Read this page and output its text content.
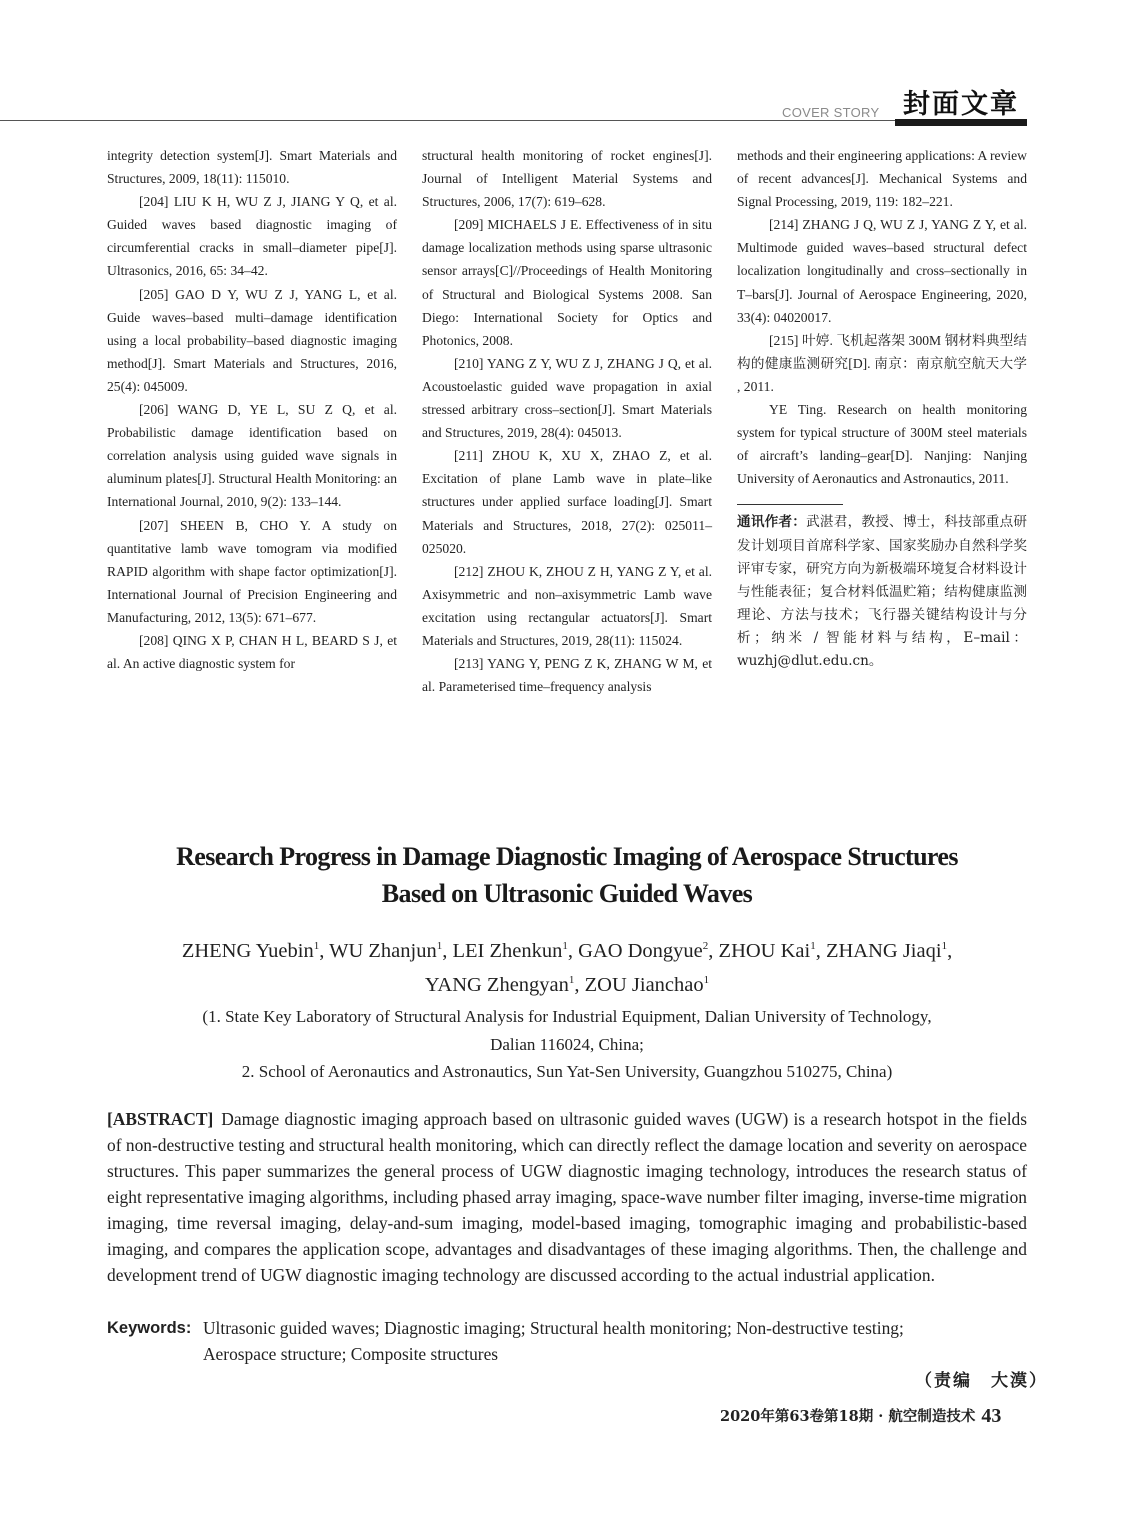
COVER STORY 封面文章

integrity detection system[J]. Smart Materials and Structures, 2009, 18(11): 115010.

[204] LIU K H, WU Z J, JIANG Y Q, et al. Guided waves based diagnostic imaging of circumferential cracks in small–diameter pipe[J]. Ultrasonics, 2016, 65: 34–42.

[205] GAO D Y, WU Z J, YANG L, et al. Guide waves–based multi–damage identification using a local probability–based diagnostic imaging method[J]. Smart Materials and Structures, 2016, 25(4): 045009.

[206] WANG D, YE L, SU Z Q, et al. Probabilistic damage identification based on correlation analysis using guided wave signals in aluminum plates[J]. Structural Health Monitoring: an International Journal, 2010, 9(2): 133–144.

[207] SHEEN B, CHO Y. A study on quantitative lamb wave tomogram via modified RAPID algorithm with shape factor optimization[J]. International Journal of Precision Engineering and Manufacturing, 2012, 13(5): 671–677.

[208] QING X P, CHAN H L, BEARD S J, et al. An active diagnostic system for

structural health monitoring of rocket engines[J]. Journal of Intelligent Material Systems and Structures, 2006, 17(7): 619–628.

[209] MICHAELS J E. Effectiveness of in situ damage localization methods using sparse ultrasonic sensor arrays[C]//Proceedings of Health Monitoring of Structural and Biological Systems 2008. San Diego: International Society for Optics and Photonics, 2008.

[210] YANG Z Y, WU Z J, ZHANG J Q, et al. Acoustoelastic guided wave propagation in axial stressed arbitrary cross–section[J]. Smart Materials and Structures, 2019, 28(4): 045013.

[211] ZHOU K, XU X, ZHAO Z, et al. Excitation of plane Lamb wave in plate–like structures under applied surface loading[J]. Smart Materials and Structures, 2018, 27(2): 025011–025020.

[212] ZHOU K, ZHOU Z H, YANG Z Y, et al. Axisymmetric and non–axisymmetric Lamb wave excitation using rectangular actuators[J]. Smart Materials and Structures, 2019, 28(11): 115024.

[213] YANG Y, PENG Z K, ZHANG W M, et al. Parameterised time–frequency analysis

methods and their engineering applications: A review of recent advances[J]. Mechanical Systems and Signal Processing, 2019, 119: 182–221.

[214] ZHANG J Q, WU Z J, YANG Z Y, et al. Multimode guided waves–based structural defect localization longitudinally and cross–sectionally in T–bars[J]. Journal of Aerospace Engineering, 2020, 33(4): 04020017.

[215] 叶婷. 飞机起落架 300M 钢材料典型结构的健康监测研究[D]. 南京：南京航空航天大学 , 2011.

YE Ting. Research on health monitoring system for typical structure of 300M steel materials of aircraft’s landing–gear[D]. Nanjing: Nanjing University of Aeronautics and Astronautics, 2011.

通讯作者：武湛君，教授、博士，科技部重点研发计划项目首席科学家、国家奖励办自然科学奖评审专家，研究方向为新极端环境复合材料设计与性能表征；复合材料低温贮箱；结构健康监测理论、方法与技术；飞行器关键结构设计与分析；纳米 / 智能材料与结构，E–mail：wuzhj@dlut.edu.cn。

Research Progress in Damage Diagnostic Imaging of Aerospace Structures
Based on Ultrasonic Guided Waves
ZHENG Yuebin$^1$, WU Zhanjun$^1$, LEI Zhenkun$^1$, GAO Dongyue$^2$, ZHOU Kai$^1$, ZHANG Jiaqi$^1$,
YANG Zhengyan$^1$, ZOU Jianchao$^1$

(1. State Key Laboratory of Structural Analysis for Industrial Equipment, Dalian University of Technology,

Dalian 116024, China;

2. School of Aeronautics and Astronautics, Sun Yat-Sen University, Guangzhou 510275, China)

[ABSTRACT] Damage diagnostic imaging approach based on ultrasonic guided waves (UGW) is a research hotspot in the fields of non-destructive testing and structural health monitoring, which can directly reflect the damage location and severity on aerospace structures. This paper summarizes the general process of UGW diagnostic imaging technology, introduces the research status of eight representative imaging algorithms, including phased array imaging, space-wave number filter imaging, inverse-time migration imaging, time reversal imaging, delay-and-sum imaging, model-based imaging, tomographic imaging and probabilistic-based imaging, and compares the application scope, advantages and disadvantages of these imaging algorithms. Then, the challenge and development trend of UGW diagnostic imaging technology are discussed according to the actual industrial application.

Keywords: Ultrasonic guided waves; Diagnostic imaging; Structural health monitoring; Non-destructive testing;
Aerospace structure; Composite structures
（责编　大漠）
2020年第63卷第18期 · 航空制造技术 43
